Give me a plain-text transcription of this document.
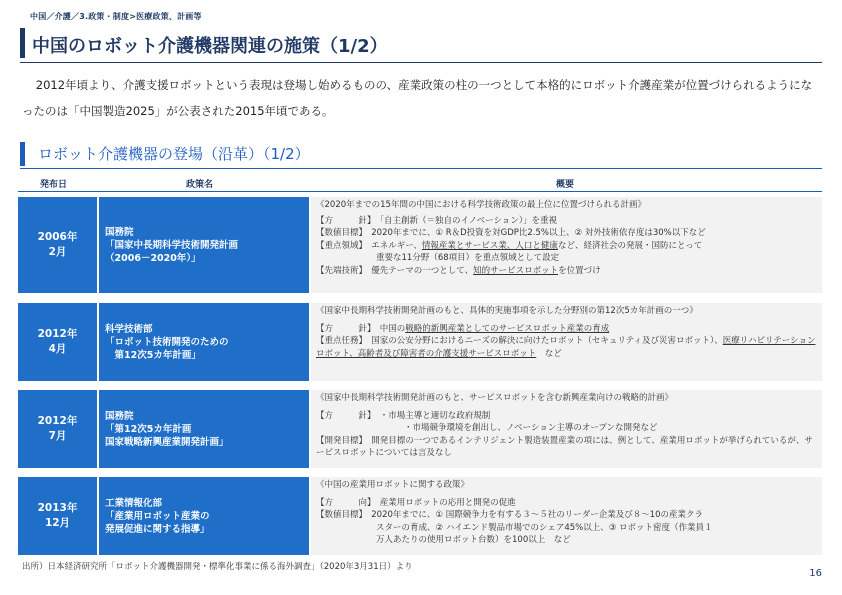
中国／介護／3.政策・制度>医療政策、計画等
中国のロボット介護機器関連の施策（1/2）

2012年頃より、介護支援ロボットという表現は登場し始めるものの、産業政策の柱の一つとして本格的にロボット介護産業が位置づけられるようになったのは「中国製造2025」が公表された2015年頃である。

ロボット介護機器の登場（沿革）（1/2）
発布日	政策名	概要
2006年
2月
国務院
「国家中長期科学技術開発計画
（2006－2020年）」
《2020年までの15年間の中国における科学技術政策の最上位に位置づけられる計画》
【方　　　針】　「自主創新（＝独自のイノベーション）」を重視
【数値目標】　2020年までに、① R＆D投資を対GDP比2.5%以上、② 対外技術依存度は30%以下など
【重点領域】　エネルギー、情報産業とサービス業、人口と健康など、経済社会の発展・国防にとって
重要な11分野（68項目）を重点領域として設定
【先端技術】　優先テーマの一つとして、知的サービスロボットを位置づけ
2012年
4月
科学技術部
「ロボット技術開発のための
　第12次5カ年計画」
《国家中長期科学技術開発計画のもと、具体的実施事項を示した分野別の第12次5カ年計画の一つ》
【方　　　針】　中国の戦略的新興産業としてのサービスロボット産業の育成
【重点任務】　国家の公安分野におけるニーズの解決に向けたロボット（セキュリティ及び災害ロボット）、医療リハビリテーションロボット、高齢者及び障害者の介護支援サービスロボット　など
2012年
7月
国務院
「第12次5カ年計画
国家戦略新興産業開発計画」
《国家中長期科学技術開発計画のもと、サービスロボットを含む新興産業向けの戦略的計画》
【方　　　針】　・市場主導と適切な政府規制
・市場競争環境を創出し、ノベーション主導のオープンな開発など
【開発目標】　開発目標の一つであるインテリジェント製造装置産業の項には、例として、産業用ロボットが挙げられているが、サービスロボットについては言及なし
2013年
12月
工業情報化部
「産業用ロボット産業の
発展促進に関する指導」
《中国の産業用ロボットに関する政策》
【方　　　向】　産業用ロボットの応用と開発の促進
【数値目標】　2020年までに、① 国際競争力を有する３～５社のリーダー企業及び８～10の産業クラ
スターの育成、② ハイエンド製品市場でのシェア45%以上、③ ロボット密度（作業員１
万人あたりの使用ロボット台数）を100以上　など
出所）日本経済研究所「ロボット介護機器開発・標準化事業に係る海外調査」（2020年3月31日）より
16
